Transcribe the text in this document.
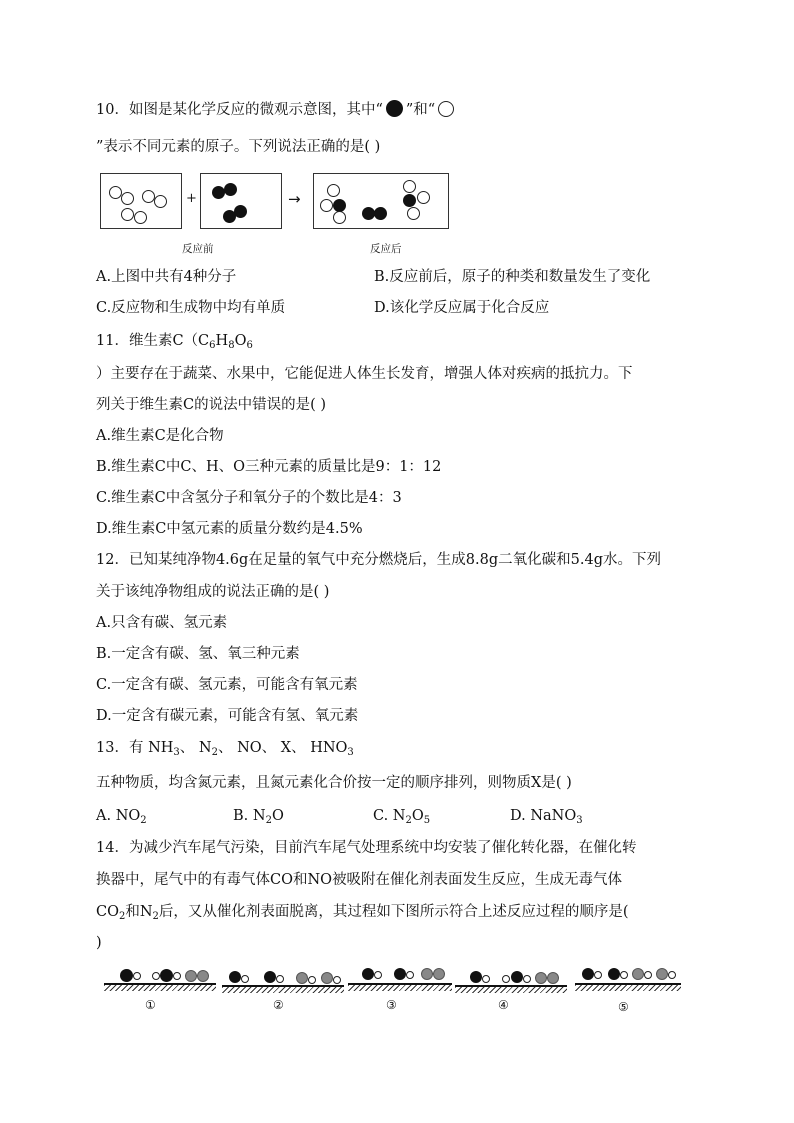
10．如图是某化学反应的微观示意图，其中“ ”和“
”表示不同元素的原子。下列说法正确的是( )
+	→
反应前	反应后
A.上图中共有4种分子	B.反应前后，原子的种类和数量发生了变化
C.反应物和生成物中均有单质	D.该化学反应属于化合反应
11．维生素$C(C_6H_8O_6$
）主要存在于蔬菜、水果中，它能促进人体生长发育，增强人体对疾病的抵抗力。下
列关于维生素C的说法中错误的是( )
A.维生素C是化合物
B.维生素C中C、H、O三种元素的质量比是9：1：12
C.维生素C中含氢分子和氧分子的个数比是4：3
D.维生素C中氢元素的质量分数约是4.5%
12．已知某纯净物4.6g在足量的氧气中充分燃烧后，生成8.8g二氧化碳和5.4g水。下列
关于该纯净物组成的说法正确的是( )
A.只含有碳、氢元素
B.一定含有碳、氢、氧三种元素
C.一定含有碳、氢元素，可能含有氧元素
D.一定含有碳元素，可能含有氢、氧元素
13．有 $NH_3$、 $N_2$、 NO、 X、 $HNO_3$
五种物质，均含氮元素，且氮元素化合价按一定的顺序排列，则物质X是( )
A. $NO_2$	B. $N_2O$	C. $N_2O_5$	D. NaNO$_3$
14．为减少汽车尾气污染，目前汽车尾气处理系统中均安装了催化转化器，在催化转
换器中，尾气中的有毒气体CO和NO被吸附在催化剂表面发生反应，生成无毒气体
$CO_2$和$N_2$后，又从催化剂表面脱离，其过程如下图所示符合上述反应过程的顺序是(
)
①	②	③	④	⑤
